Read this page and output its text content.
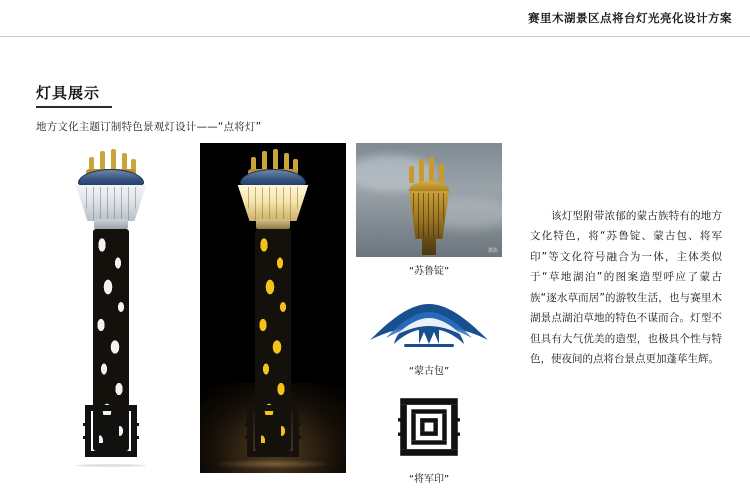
赛里木湖景区点将台灯光亮化设计方案
灯具展示
地方文化主题订制特色景观灯设计——“点将灯”
摄影
“苏鲁锭”
“蒙古包”
“将军印”
该灯型附带浓郁的蒙古族特有的地方文化特色，将“苏鲁锭、蒙古包、将军印”等文化符号融合为一体，主体类似于“草地湖泊”的图案造型呼应了蒙古族“逐水草而居”的游牧生活，也与赛里木湖景点湖泊草地的特色不谋而合。灯型不但具有大气优美的造型，也极具个性与特色，使夜间的点将台景点更加蓬荜生辉。
